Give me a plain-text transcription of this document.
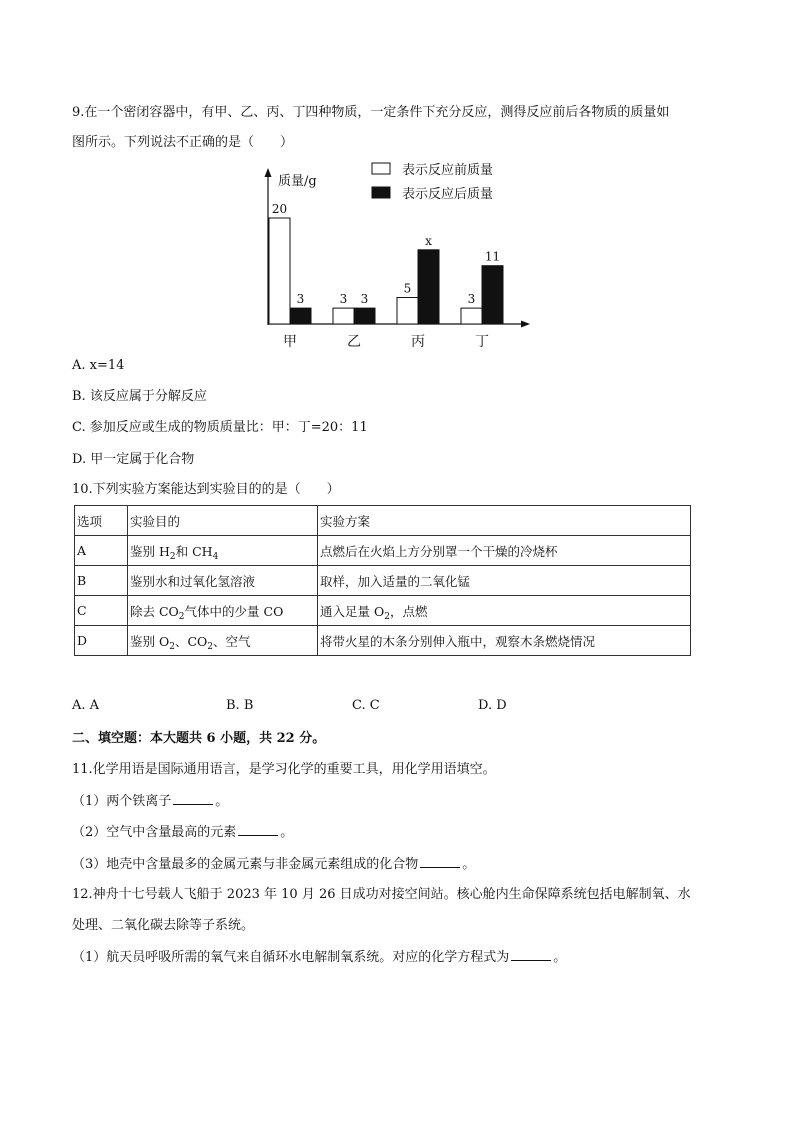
9.在一个密闭容器中，有甲、乙、丙、丁四种物质，一定条件下充分反应，测得反应前后各物质的质量如
图所示。下列说法不正确的是（　　）
质量/g
表示反应前质量
表示反应后质量
20
3
甲
3 3
乙
5
x
丙
3
11
丁
A. x=14
B. 该反应属于分解反应
C. 参加反应或生成的物质质量比：甲：丁=20：11
D. 甲一定属于化合物
10.下列实验方案能达到实验目的的是（　　）
选项	实验目的	实验方案
A	鉴别 $H_2$和 $CH_4$	点燃后在火焰上方分别罩一个干燥的冷烧杯
B	鉴别水和过氧化氢溶液	取样，加入适量的二氧化锰
C	除去 $CO_2$气体中的少量 CO	通入足量 $O_2$，点燃
D	鉴别 $O_2$、$CO_2$、空气	将带火星的木条分别伸入瓶中，观察木条燃烧情况
A. A	B. B	C. C	D. D
二、填空题：本大题共 6 小题，共 22 分。
11.化学用语是国际通用语言，是学习化学的重要工具，用化学用语填空。
（1）两个铁离子	。
（2）空气中含量最高的元素	。
（3）地壳中含量最多的金属元素与非金属元素组成的化合物	。
12.神舟十七号载人飞船于 2023 年 10 月 26 日成功对接空间站。核心舱内生命保障系统包括电解制氧、水
处理、二氧化碳去除等子系统。
（1）航天员呼吸所需的氧气来自循环水电解制氧系统。对应的化学方程式为	。
